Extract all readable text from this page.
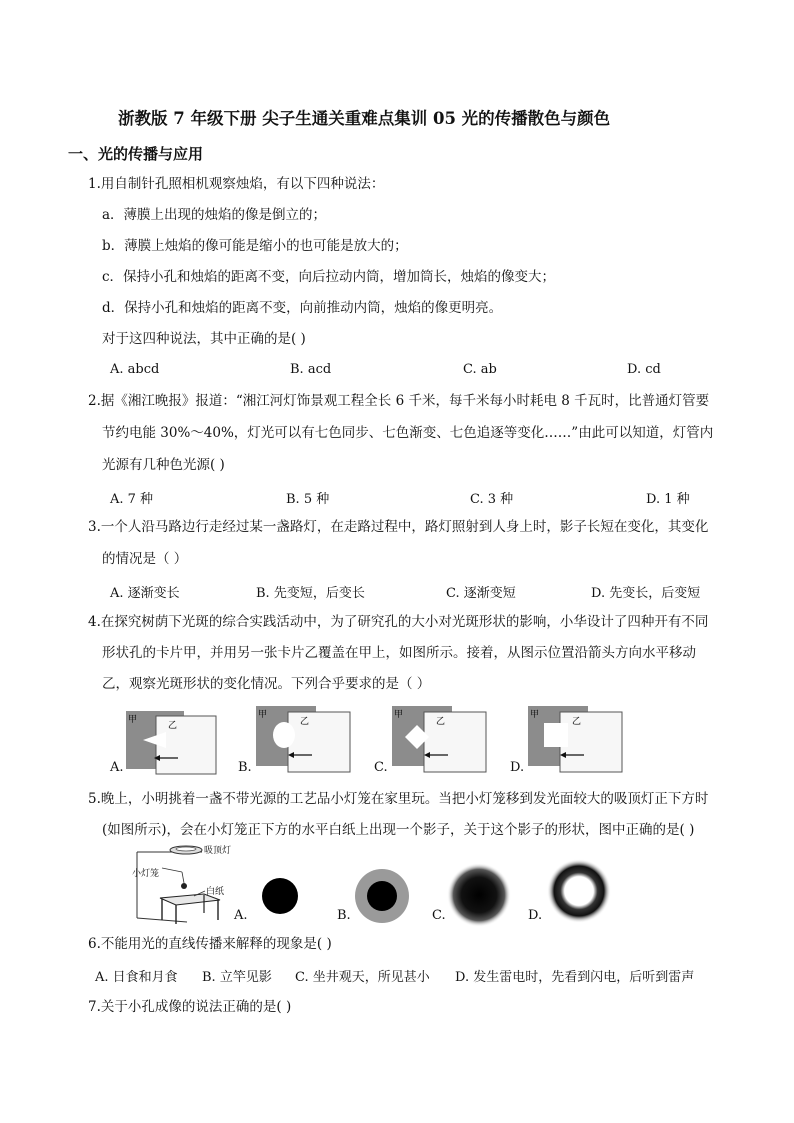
浙教版 7 年级下册 尖子生通关重难点集训 05 光的传播散色与颜色
一、光的传播与应用
1.用自制针孔照相机观察烛焰，有以下四种说法：
a．薄膜上出现的烛焰的像是倒立的；
b．薄膜上烛焰的像可能是缩小的也可能是放大的；
c．保持小孔和烛焰的距离不变，向后拉动内筒，增加筒长，烛焰的像变大；
d．保持小孔和烛焰的距离不变，向前推动内筒，烛焰的像更明亮。
对于这四种说法，其中正确的是( )
A. abcd	B. acd	C. ab	D. cd
2.据《湘江晚报》报道：“湘江河灯饰景观工程全长 6 千米，每千米每小时耗电 8 千瓦时，比普通灯管要
节约电能 30%～40%，灯光可以有七色同步、七色渐变、七色追逐等变化……”由此可以知道，灯管内
光源有几种色光源( )
A. 7 种	B. 5 种	C. 3 种	D. 1 种
3.一个人沿马路边行走经过某一盏路灯，在走路过程中，路灯照射到人身上时，影子长短在变化，其变化
的情况是（ ）
A. 逐渐变长	B. 先变短，后变长	C. 逐渐变短	D. 先变长，后变短
4.在探究树荫下光斑的综合实践活动中，为了研究孔的大小对光斑形状的影响，小华设计了四种开有不同
形状孔的卡片甲，并用另一张卡片乙覆盖在甲上，如图所示。接着，从图示位置沿箭头方向水平移动
乙，观察光斑形状的变化情况。下列合乎要求的是（ ）
甲
乙
A.
甲
乙
B.
甲
乙
C.
甲
乙
D.
5.晚上，小明挑着一盏不带光源的工艺品小灯笼在家里玩。当把小灯笼移到发光面较大的吸顶灯正下方时
(如图所示)，会在小灯笼正下方的水平白纸上出现一个影子，关于这个影子的形状，图中正确的是( )
吸顶灯
小灯笼
白纸
A.	B.	C.	D.
6.不能用光的直线传播来解释的现象是( )
A. 日食和月食 B. 立竿见影 C. 坐井观天，所见甚小 D. 发生雷电时，先看到闪电，后听到雷声
7.关于小孔成像的说法正确的是( )
